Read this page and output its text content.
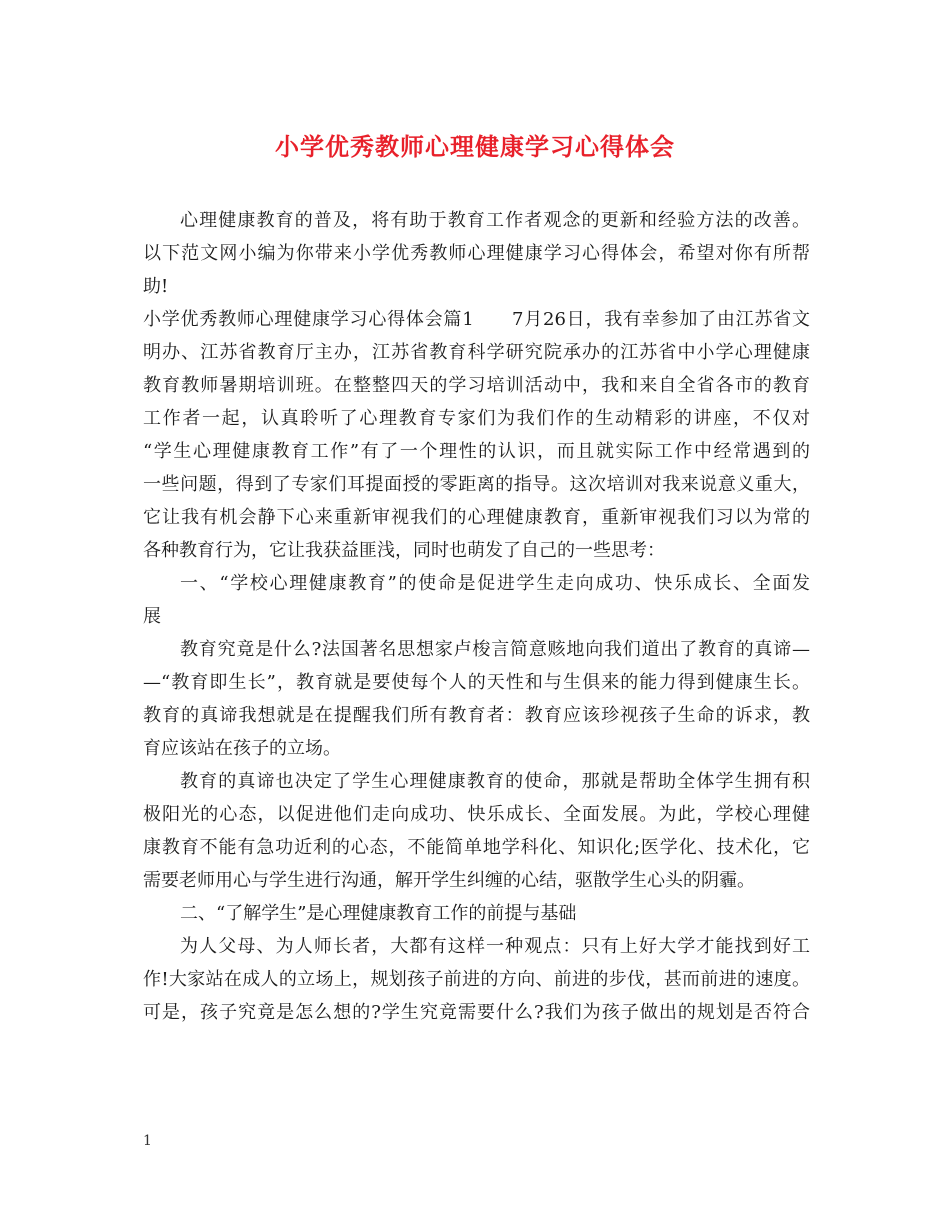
小学优秀教师心理健康学习心得体会
心理健康教育的普及，将有助于教育工作者观念的更新和经验方法的改善。
以下范文网小编为你带来小学优秀教师心理健康学习心得体会，希望对你有所帮
助!
小学优秀教师心理健康学习心得体会篇1　　7月26日，我有幸参加了由江苏省文
明办、江苏省教育厅主办，江苏省教育科学研究院承办的江苏省中小学心理健康
教育教师暑期培训班。在整整四天的学习培训活动中，我和来自全省各市的教育
工作者一起，认真聆听了心理教育专家们为我们作的生动精彩的讲座，不仅对
“学生心理健康教育工作”有了一个理性的认识，而且就实际工作中经常遇到的
一些问题，得到了专家们耳提面授的零距离的指导。这次培训对我来说意义重大，
它让我有机会静下心来重新审视我们的心理健康教育，重新审视我们习以为常的
各种教育行为，它让我获益匪浅，同时也萌发了自己的一些思考：
一、“学校心理健康教育”的使命是促进学生走向成功、快乐成长、全面发
展
教育究竟是什么?法国著名思想家卢梭言简意赅地向我们道出了教育的真谛—
—“教育即生长”，教育就是要使每个人的天性和与生俱来的能力得到健康生长。
教育的真谛我想就是在提醒我们所有教育者：教育应该珍视孩子生命的诉求，教
育应该站在孩子的立场。
教育的真谛也决定了学生心理健康教育的使命，那就是帮助全体学生拥有积
极阳光的心态，以促进他们走向成功、快乐成长、全面发展。为此，学校心理健
康教育不能有急功近利的心态，不能简单地学科化、知识化;医学化、技术化，它
需要老师用心与学生进行沟通，解开学生纠缠的心结，驱散学生心头的阴霾。
二、“了解学生”是心理健康教育工作的前提与基础
为人父母、为人师长者，大都有这样一种观点：只有上好大学才能找到好工
作!大家站在成人的立场上，规划孩子前进的方向、前进的步伐，甚而前进的速度。
可是，孩子究竟是怎么想的?学生究竟需要什么?我们为孩子做出的规划是否符合
1
